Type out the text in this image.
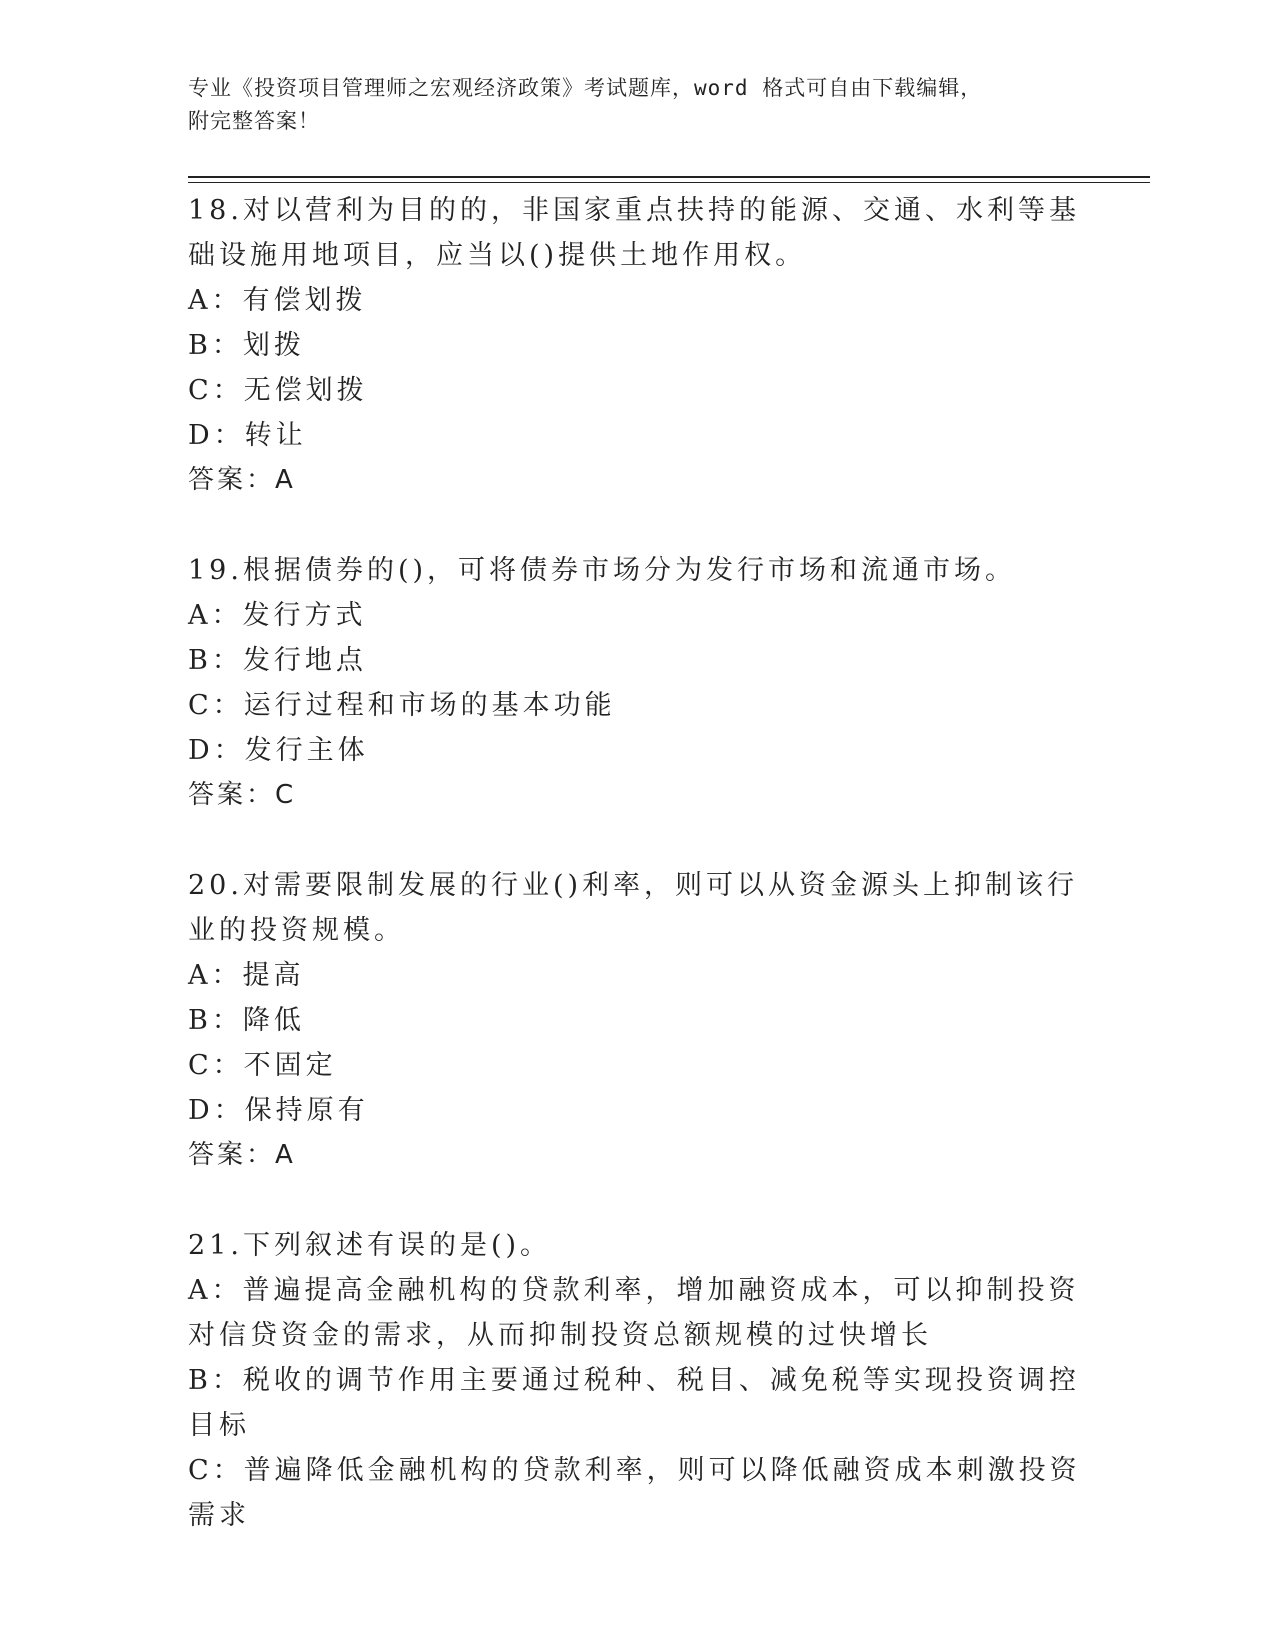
专业《投资项目管理师之宏观经济政策》考试题库，word 格式可自由下载编辑，
附完整答案！

18.对以营利为目的的，非国家重点扶持的能源、交通、水利等基础设施用地项目，应当以()提供土地作用权。

A：有偿划拨

B：划拨

C：无偿划拨

D：转让

答案：A

19.根据债券的()，可将债券市场分为发行市场和流通市场。

A：发行方式

B：发行地点

C：运行过程和市场的基本功能

D：发行主体

答案：C

20.对需要限制发展的行业()利率，则可以从资金源头上抑制该行业的投资规模。

A：提高

B：降低

C：不固定

D：保持原有

答案：A

21.下列叙述有误的是()。

A：普遍提高金融机构的贷款利率，增加融资成本，可以抑制投资对信贷资金的需求，从而抑制投资总额规模的过快增长

B：税收的调节作用主要通过税种、税目、减免税等实现投资调控目标

C：普遍降低金融机构的贷款利率，则可以降低融资成本刺激投资需求
